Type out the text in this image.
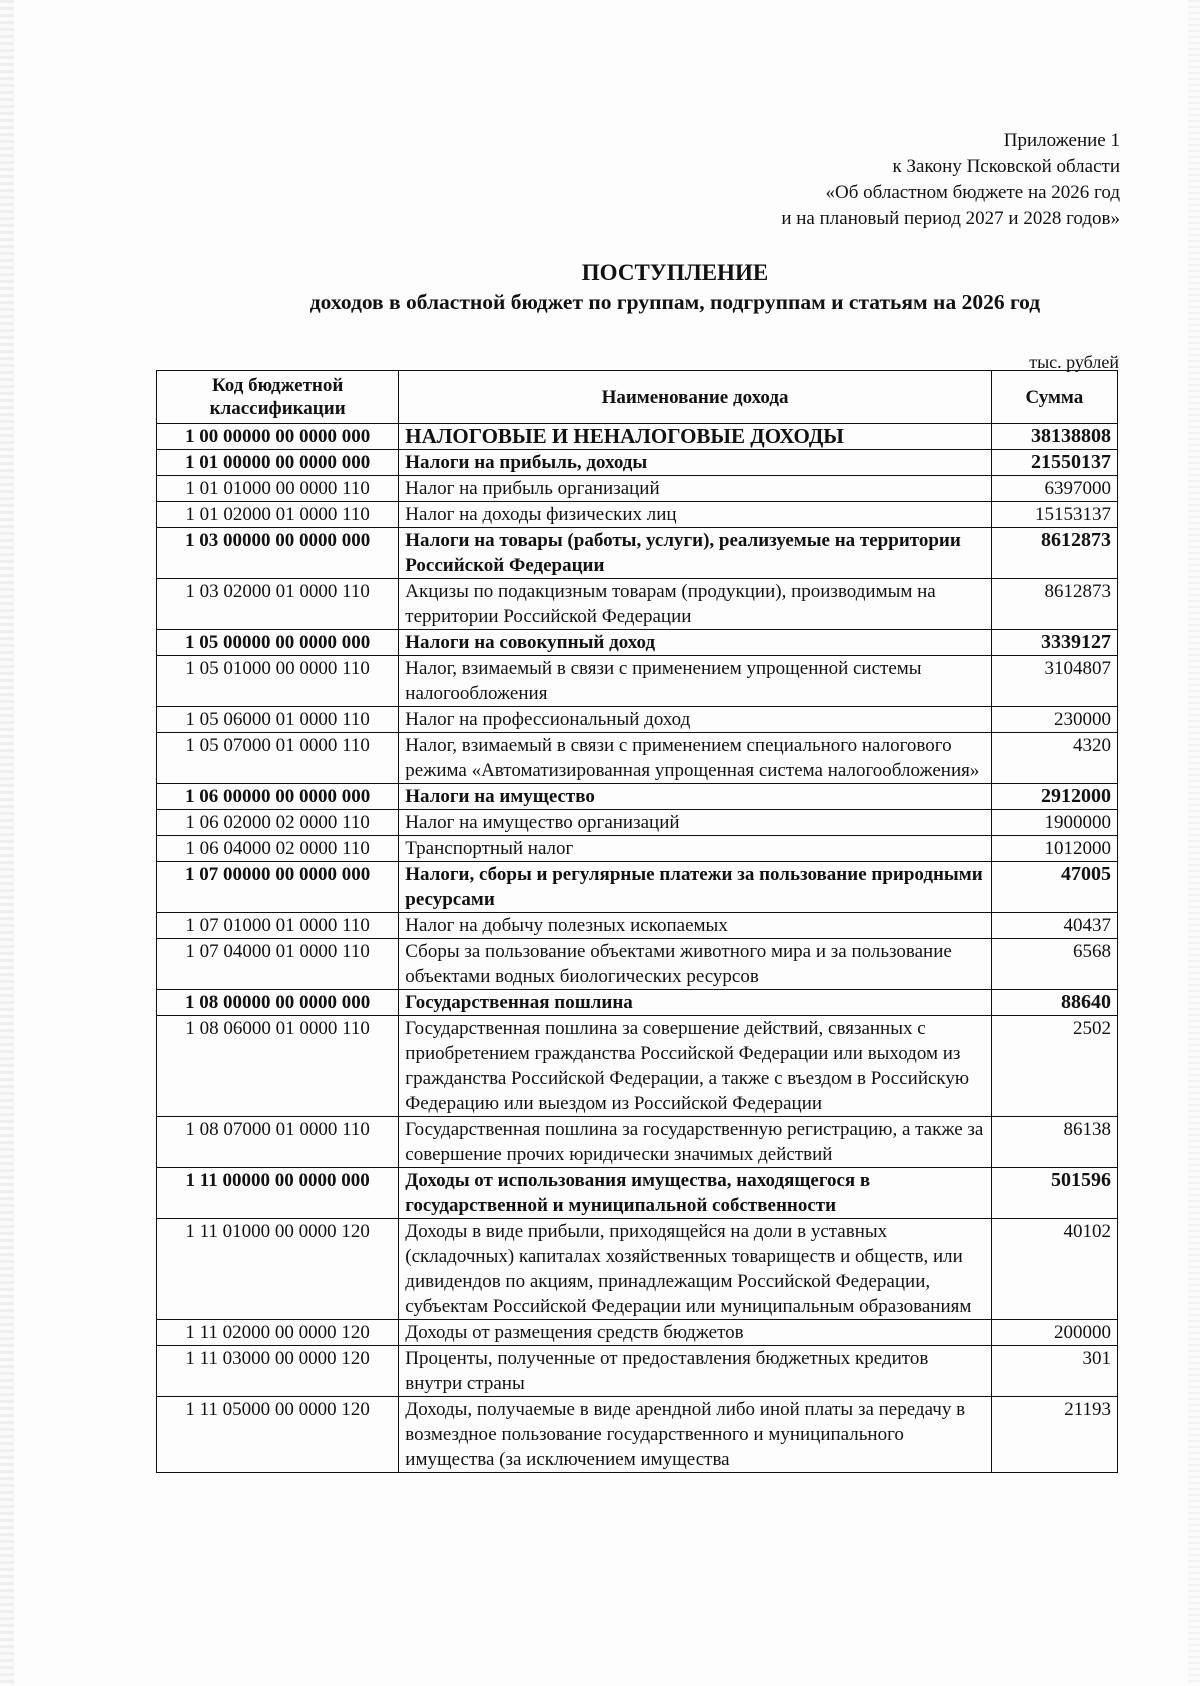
Приложение 1
к Закону Псковской области
«Об областном бюджете на 2026 год
и на плановый период 2027 и 2028 годов»
ПОСТУПЛЕНИЕ
доходов в областной бюджет по группам, подгруппам и статьям на 2026 год
тыс. рублей
Код бюджетной классификации	Наименование дохода	Сумма
1 00 00000 00 0000 000	НАЛОГОВЫЕ И НЕНАЛОГОВЫЕ ДОХОДЫ	38138808
1 01 00000 00 0000 000	Налоги на прибыль, доходы	21550137
1 01 01000 00 0000 110	Налог на прибыль организаций	6397000
1 01 02000 01 0000 110	Налог на доходы физических лиц	15153137
1 03 00000 00 0000 000	Налоги на товары (работы, услуги), реализуемые на территории Российской Федерации	8612873
1 03 02000 01 0000 110	Акцизы по подакцизным товарам (продукции), производимым на территории Российской Федерации	8612873
1 05 00000 00 0000 000	Налоги на совокупный доход	3339127
1 05 01000 00 0000 110	Налог, взимаемый в связи с применением упрощенной системы налогообложения	3104807
1 05 06000 01 0000 110	Налог на профессиональный доход	230000
1 05 07000 01 0000 110	Налог, взимаемый в связи с применением специального налогового режима «Автоматизированная упрощенная система налогообложения»	4320
1 06 00000 00 0000 000	Налоги на имущество	2912000
1 06 02000 02 0000 110	Налог на имущество организаций	1900000
1 06 04000 02 0000 110	Транспортный налог	1012000
1 07 00000 00 0000 000	Налоги, сборы и регулярные платежи за пользование природными ресурсами	47005
1 07 01000 01 0000 110	Налог на добычу полезных ископаемых	40437
1 07 04000 01 0000 110	Сборы за пользование объектами животного мира и за пользование объектами водных биологических ресурсов	6568
1 08 00000 00 0000 000	Государственная пошлина	88640
1 08 06000 01 0000 110	Государственная пошлина за совершение действий, связанных с приобретением гражданства Российской Федерации или выходом из гражданства Российской Федерации, а также с въездом в Российскую Федерацию или выездом из Российской Федерации	2502
1 08 07000 01 0000 110	Государственная пошлина за государственную регистрацию, а также за совершение прочих юридически значимых действий	86138
1 11 00000 00 0000 000	Доходы от использования имущества, находящегося в государственной и муниципальной собственности	501596
1 11 01000 00 0000 120	Доходы в виде прибыли, приходящейся на доли в уставных (складочных) капиталах хозяйственных товариществ и обществ, или дивидендов по акциям, принадлежащим Российской Федерации, субъектам Российской Федерации или муниципальным образованиям	40102
1 11 02000 00 0000 120	Доходы от размещения средств бюджетов	200000
1 11 03000 00 0000 120	Проценты, полученные от предоставления бюджетных кредитов внутри страны	301
1 11 05000 00 0000 120	Доходы, получаемые в виде арендной либо иной платы за передачу в возмездное пользование государственного и муниципального имущества (за исключением имущества	21193
